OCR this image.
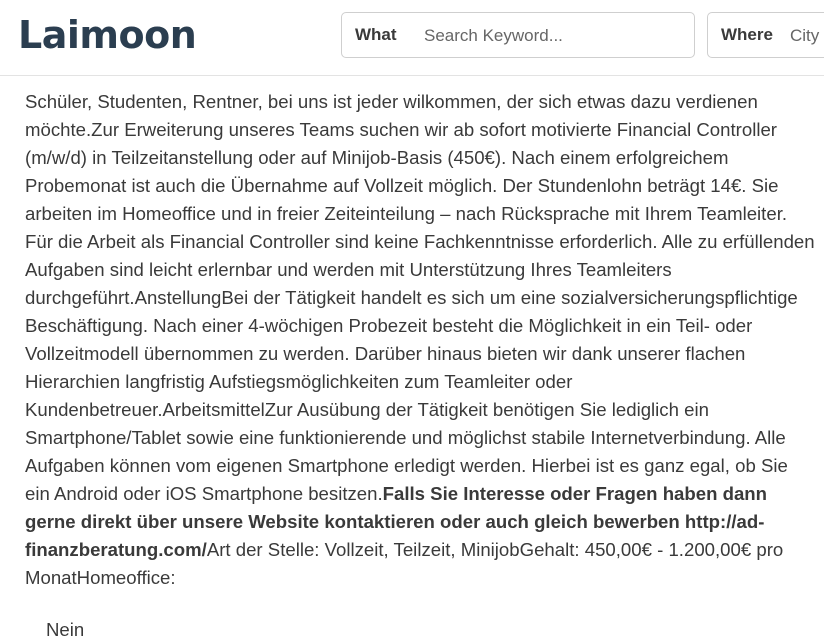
Laimoon	What
Search Keyword...	Where
City

Schüler, Studenten, Rentner, bei uns ist jeder wilkommen, der sich etwas dazu verdienen möchte.Zur Erweiterung unseres Teams suchen wir ab sofort motivierte Financial Controller (m/w/d) in Teilzeitanstellung oder auf Minijob-Basis (450€). Nach einem erfolgreichem Probemonat ist auch die Übernahme auf Vollzeit möglich. Der Stundenlohn beträgt 14€. Sie arbeiten im Homeoffice und in freier Zeiteinteilung – nach Rücksprache mit Ihrem Teamleiter. Für die Arbeit als Financial Controller sind keine Fachkenntnisse erforderlich. Alle zu erfüllenden Aufgaben sind leicht erlernbar und werden mit Unterstützung Ihres Teamleiters durchgeführt.AnstellungBei der Tätigkeit handelt es sich um eine sozialversicherungspflichtige Beschäftigung. Nach einer 4-wöchigen Probezeit besteht die Möglichkeit in ein Teil- oder Vollzeitmodell übernommen zu werden. Darüber hinaus bieten wir dank unserer flachen Hierarchien langfristig Aufstiegsmöglichkeiten zum Teamleiter oder Kundenbetreuer.ArbeitsmittelZur Ausübung der Tätigkeit benötigen Sie lediglich ein Smartphone/Tablet sowie eine funktionierende und möglichst stabile Internetverbindung. Alle Aufgaben können vom eigenen Smartphone erledigt werden. Hierbei ist es ganz egal, ob Sie ein Android oder iOS Smartphone besitzen.Falls Sie Interesse oder Fragen haben dann gerne direkt über unsere Website kontaktieren oder auch gleich bewerben http://ad-finanzberatung.com/Art der Stelle: Vollzeit, Teilzeit, MinijobGehalt: 450,00€ - 1.200,00€ pro MonatHomeoffice:

Nein
